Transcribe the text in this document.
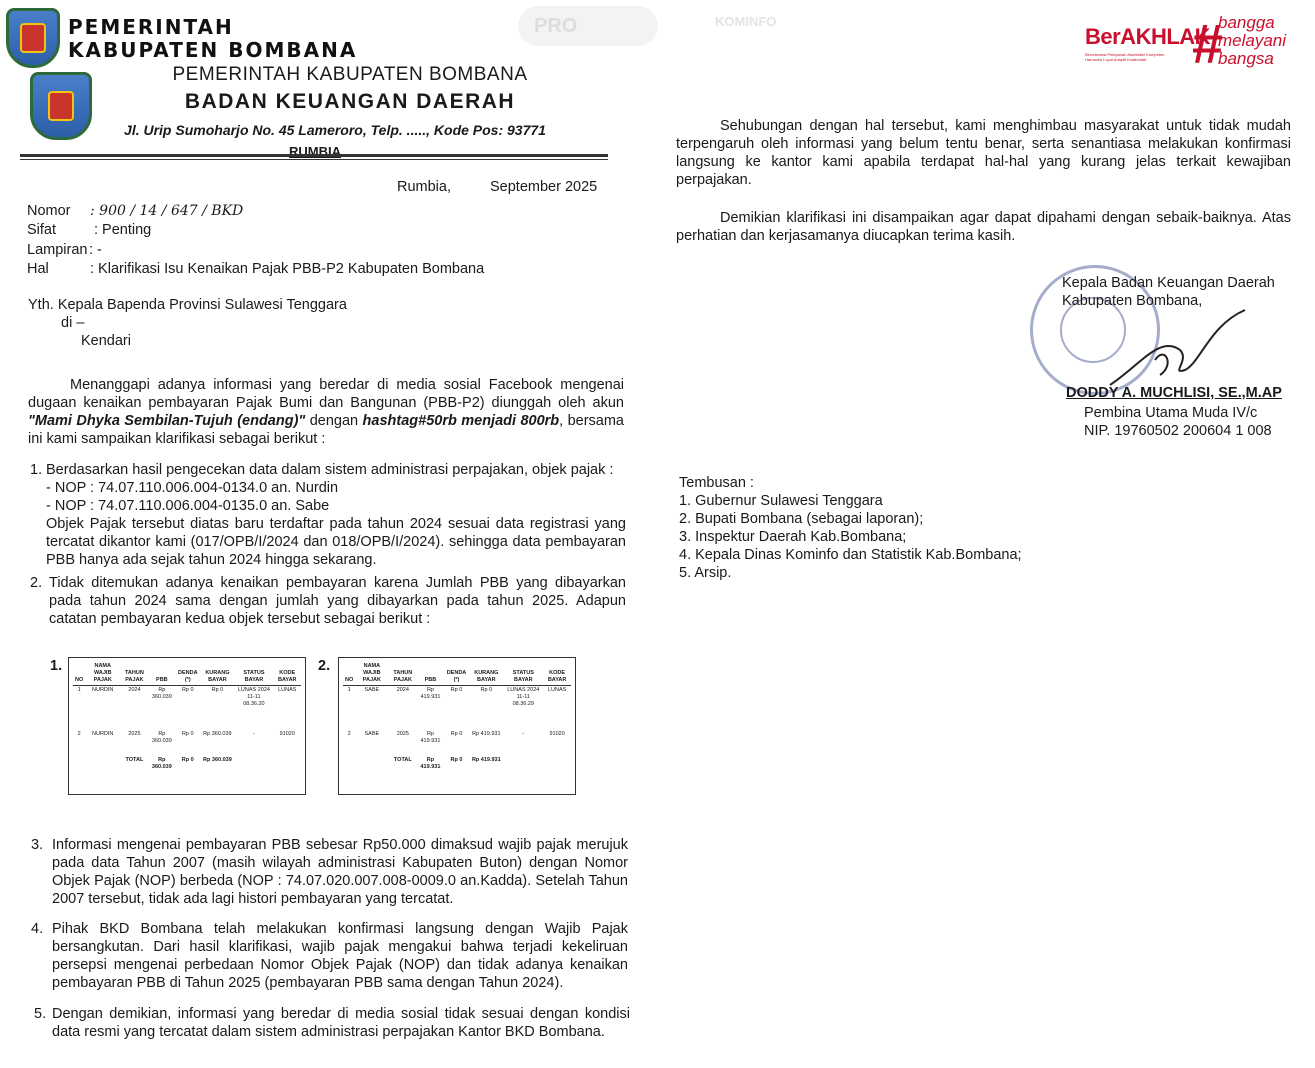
PEMERINTAH
KABUPATEN BOMBANA
PRO	KOMINFO
PEMERINTAH KABUPATEN BOMBANA
BADAN KEUANGAN DAERAH
Jl. Urip Sumoharjo No. 45 Lameroro, Telp. ....., Kode Pos: 93771
RUMBIA
Rumbia,	September 2025
Nomor : 900 / 14 / 647 / BKD
Sifat	: Penting
Lampiran : -
Hal	: Klarifikasi Isu Kenaikan Pajak PBB-P2 Kabupaten Bombana
Yth. Kepala Bapenda Provinsi Sulawesi Tenggara
di –
Kendari
Menanggapi adanya informasi yang beredar di media sosial Facebook mengenai dugaan kenaikan pembayaran Pajak Bumi dan Bangunan (PBB-P2) diunggah oleh akun "Mami Dhyka Sembilan-Tujuh (endang)" dengan hashtag#50rb menjadi 800rb, bersama ini kami sampaikan klarifikasi sebagai berikut :
1. Berdasarkan hasil pengecekan data dalam sistem administrasi perpajakan, objek pajak :
- NOP : 74.07.110.006.004-0134.0 an. Nurdin
- NOP : 74.07.110.006.004-0135.0 an. Sabe
Objek Pajak tersebut diatas baru terdaftar pada tahun 2024 sesuai data registrasi yang tercatat dikantor kami (017/OPB/I/2024 dan 018/OPB/I/2024). sehingga data pembayaran PBB hanya ada sejak tahun 2024 hingga sekarang.
2. Tidak ditemukan adanya kenaikan pembayaran karena Jumlah PBB yang dibayarkan pada tahun 2024 sama dengan jumlah yang dibayarkan pada tahun 2025. Adapun catatan pembayaran kedua objek tersebut sebagai berikut :
1.
NO	NAMA WAJIB PAJAK	TAHUN PAJAK	PBB	DENDA (*)	KURANG BAYAR	STATUS BAYAR	KODE BAYAR
1	NURDIN	2024	Rp 360.039	Rp 0	Rp 0	LUNAS 2024 11-11 08.36.20	LUNAS
2	NURDIN	2025	Rp 360.039	Rp 0	Rp 360.039	-	91020
		TOTAL	Rp 360.039	Rp 0	Rp 360.039		
2.
NO	NAMA WAJIB PAJAK	TAHUN PAJAK	PBB	DENDA (*)	KURANG BAYAR	STATUS BAYAR	KODE BAYAR
1	SABE	2024	Rp 419.931	Rp 0	Rp 0	LUNAS 2024 11-11 08.36.29	LUNAS
2	SABE	2025	Rp 419.931	Rp 0	Rp 419.931	-	91020
		TOTAL	Rp 419.931	Rp 0	Rp 419.931		
3. Informasi mengenai pembayaran PBB sebesar Rp50.000 dimaksud wajib pajak merujuk pada data Tahun 2007 (masih wilayah administrasi Kabupaten Buton) dengan Nomor Objek Pajak (NOP) berbeda (NOP : 74.07.020.007.008-0009.0 an.Kadda). Setelah Tahun 2007 tersebut, tidak ada lagi histori pembayaran yang tercatat.
4. Pihak BKD Bombana telah melakukan konfirmasi langsung dengan Wajib Pajak bersangkutan. Dari hasil klarifikasi, wajib pajak mengakui bahwa terjadi kekeliruan persepsi mengenai perbedaan Nomor Objek Pajak (NOP) dan tidak adanya kenaikan pembayaran PBB di Tahun 2025 (pembayaran PBB sama dengan Tahun 2024).
5. Dengan demikian, informasi yang beredar di media sosial tidak sesuai dengan kondisi data resmi yang tercatat dalam sistem administrasi perpajakan Kantor BKD Bombana.
BerAKHLAK
Berorientasi Pelayanan Akuntabel Kompeten
Harmonis Loyal Adaptif Kolaboratif #
bangga
melayani
bangsa
Sehubungan dengan hal tersebut, kami menghimbau masyarakat untuk tidak mudah terpengaruh oleh informasi yang belum tentu benar, serta senantiasa melakukan konfirmasi langsung ke kantor kami apabila terdapat hal-hal yang kurang jelas terkait kewajiban perpajakan.
Demikian klarifikasi ini disampaikan agar dapat dipahami dengan sebaik-baiknya. Atas perhatian dan kerjasamanya diucapkan terima kasih.
Kepala Badan Keuangan Daerah
Kabupaten Bombana,
DODDY A. MUCHLISI, SE.,M.AP
Pembina Utama Muda IV/c
NIP. 19760502 200604 1 008
Tembusan :
1. Gubernur Sulawesi Tenggara
2. Bupati Bombana (sebagai laporan);
3. Inspektur Daerah Kab.Bombana;
4. Kepala Dinas Kominfo dan Statistik Kab.Bombana;
5. Arsip.
